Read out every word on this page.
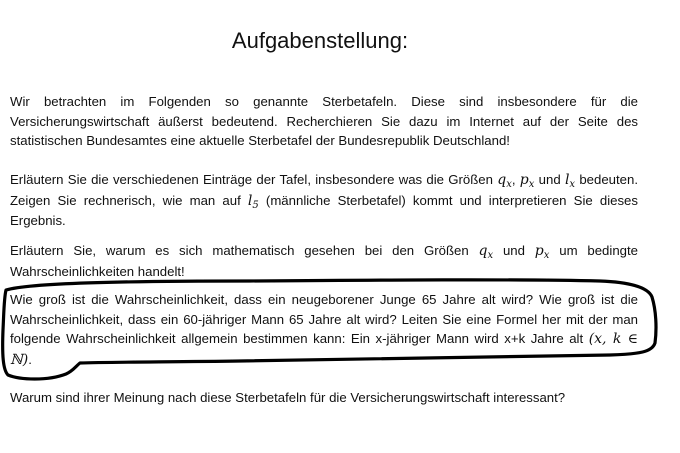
Aufgabenstellung:

Wir betrachten im Folgenden so genannte Sterbetafeln. Diese sind insbesondere für die Versicherungswirtschaft äußerst bedeutend. Recherchieren Sie dazu im Internet auf der Seite des statistischen Bundesamtes eine aktuelle Sterbetafel der Bundesrepublik Deutschland!

Erläutern Sie die verschiedenen Einträge der Tafel, insbesondere was die Größen $q_x$, $p_x$ und $l_x$ bedeuten. Zeigen Sie rechnerisch, wie man auf $l_5$ (männliche Sterbetafel) kommt und interpretieren Sie dieses Ergebnis.

Erläutern Sie, warum es sich mathematisch gesehen bei den Größen $q_x$ und $p_x$ um bedingte Wahrscheinlichkeiten handelt!

Wie groß ist die Wahrscheinlichkeit, dass ein neugeborener Junge 65 Jahre alt wird? Wie groß ist die Wahrscheinlichkeit, dass ein 60-jähriger Mann 65 Jahre alt wird? Leiten Sie eine Formel her mit der man folgende Wahrscheinlichkeit allgemein bestimmen kann: Ein x-jähriger Mann wird x+k Jahre alt (x, k ∈ ℕ).

Warum sind ihrer Meinung nach diese Sterbetafeln für die Versicherungswirtschaft interessant?
